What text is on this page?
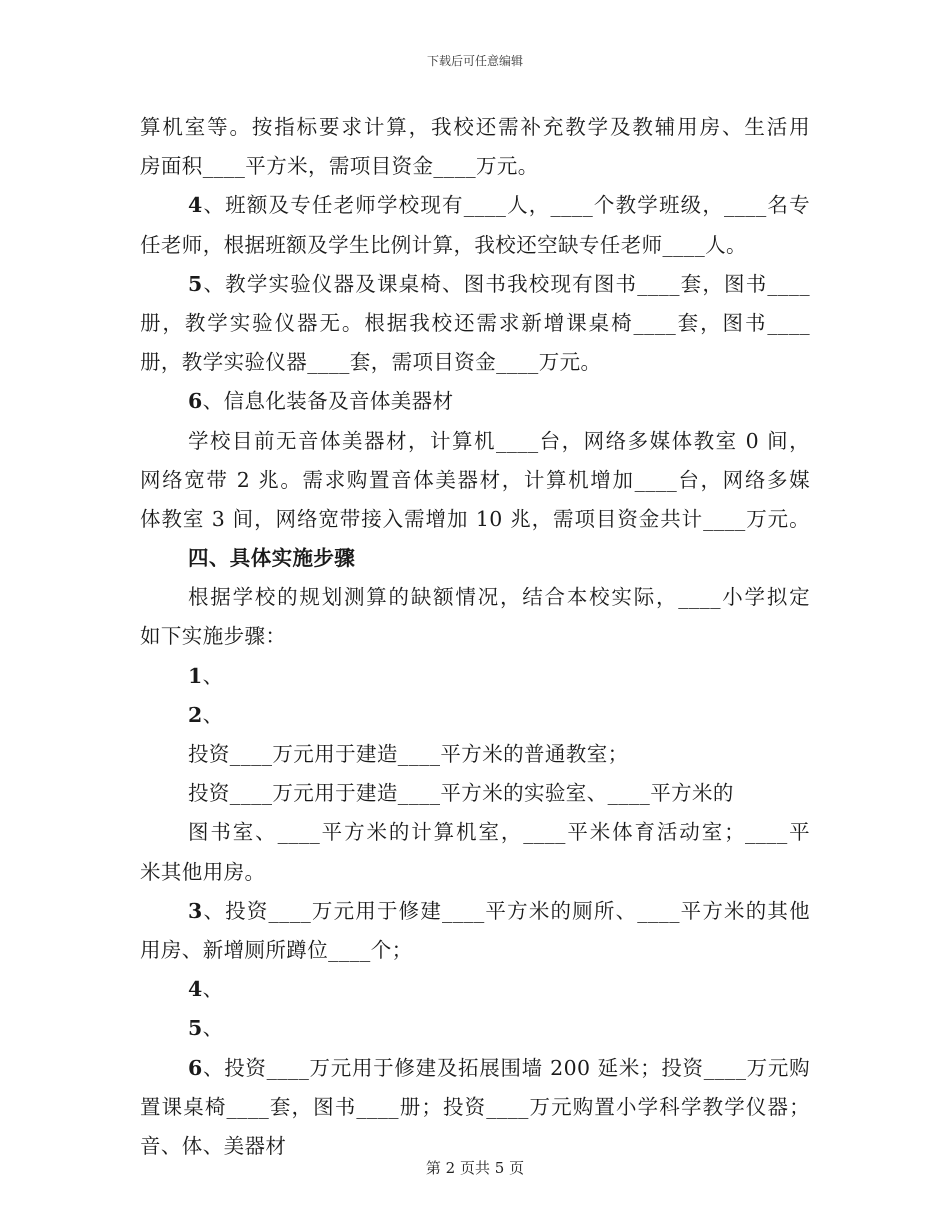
下载后可任意编辑
算机室等。按指标要求计算，我校还需补充教学及教辅用房、生活用
房面积____平方米，需项目资金____万元。
4、班额及专任老师学校现有____人，____个教学班级，____名专
任老师，根据班额及学生比例计算，我校还空缺专任老师____人。
5、教学实验仪器及课桌椅、图书我校现有图书____套，图书____
册，教学实验仪器无。根据我校还需求新增课桌椅____套，图书____
册，教学实验仪器____套，需项目资金____万元。
6、信息化装备及音体美器材
学校目前无音体美器材，计算机____台，网络多媒体教室 0 间，
网络宽带 2 兆。需求购置音体美器材，计算机增加____台，网络多媒
体教室 3 间，网络宽带接入需增加 10 兆，需项目资金共计____万元。
四、具体实施步骤
根据学校的规划测算的缺额情况，结合本校实际，____小学拟定
如下实施步骤：
1、
2、
投资____万元用于建造____平方米的普通教室；
投资____万元用于建造____平方米的实验室、____平方米的
图书室、____平方米的计算机室，____平米体育活动室；____平
米其他用房。
3、投资____万元用于修建____平方米的厕所、____平方米的其他
用房、新增厕所蹲位____个；
4、
5、
6、投资____万元用于修建及拓展围墙 200 延米；投资____万元购
置课桌椅____套，图书____册；投资____万元购置小学科学教学仪器；
音、体、美器材
第 2 页共 5 页
